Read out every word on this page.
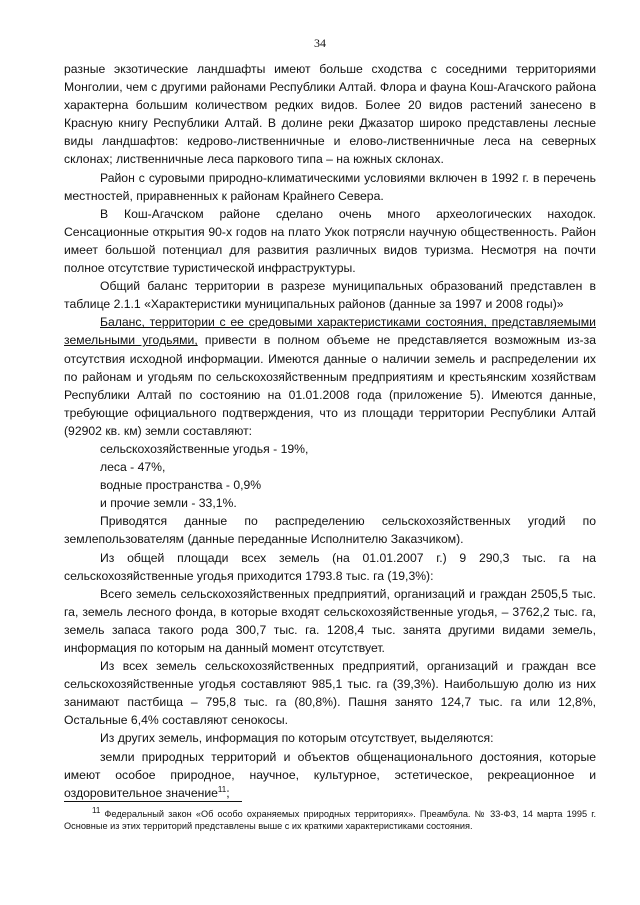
34

разные экзотические ландшафты имеют больше сходства с соседними территориями Монголии, чем с другими районами Республики Алтай. Флора и фауна Кош-Агачского района характерна большим количеством редких видов. Более 20 видов растений занесено в Красную книгу Республики Алтай. В долине реки Джазатор широко представлены лесные виды ландшафтов: кедрово-лиственничные и елово-лиственничные леса на северных склонах; лиственничные леса паркового типа – на южных склонах.

Район с суровыми природно-климатическими условиями включен в 1992 г. в перечень местностей, приравненных к районам Крайнего Севера.

В Кош-Агачском районе сделано очень много археологических находок. Сенсационные открытия 90-х годов на плато Укок потрясли научную общественность. Район имеет большой потенциал для развития различных видов туризма. Несмотря на почти полное отсутствие туристической инфраструктуры.

Общий баланс территории в разрезе муниципальных образований представлен в таблице 2.1.1 «Характеристики муниципальных районов (данные за 1997 и 2008 годы)»

Баланс, территории с ее средовыми характеристиками состояния, представляемыми земельными угодьями, привести в полном объеме не представляется возможным из-за отсутствия исходной информации. Имеются данные о наличии земель и распределении их по районам и угодьям по сельскохозяйственным предприятиям и крестьянским хозяйствам Республики Алтай по состоянию на 01.01.2008 года (приложение 5). Имеются данные, требующие официального подтверждения, что из площади территории Республики Алтай (92902 кв. км) земли составляют:

сельскохозяйственные угодья - 19%,

леса - 47%,

водные пространства - 0,9%

и прочие земли - 33,1%.

Приводятся данные по распределению сельскохозяйственных угодий по землепользователям (данные переданные Исполнителю Заказчиком).

Из общей площади всех земель (на 01.01.2007 г.) 9 290,3 тыс. га на сельскохозяйственные угодья приходится 1793.8 тыс. га (19,3%):

Всего земель сельскохозяйственных предприятий, организаций и граждан 2505,5 тыс. га, земель лесного фонда, в которые входят сельскохозяйственные угодья, – 3762,2 тыс. га, земель запаса такого рода 300,7 тыс. га. 1208,4 тыс. занята другими видами земель, информация по которым на данный момент отсутствует.

Из всех земель сельскохозяйственных предприятий, организаций и граждан все сельскохозяйственные угодья составляют 985,1 тыс. га (39,3%). Наибольшую долю из них занимают пастбища – 795,8 тыс. га (80,8%). Пашня занято 124,7 тыс. га или 12,8%, Остальные 6,4% составляют сенокосы.

Из других земель, информация по которым отсутствует, выделяются:

земли природных территорий и объектов общенационального достояния, которые имеют особое природное, научное, культурное, эстетическое, рекреационное и оздоровительное значение$^{11}$;

$^{11}$ Федеральный закон «Об особо охраняемых природных территориях». Преамбула. № 33-ФЗ, 14 марта 1995 г. Основные из этих территорий представлены выше с их краткими характеристиками состояния.
